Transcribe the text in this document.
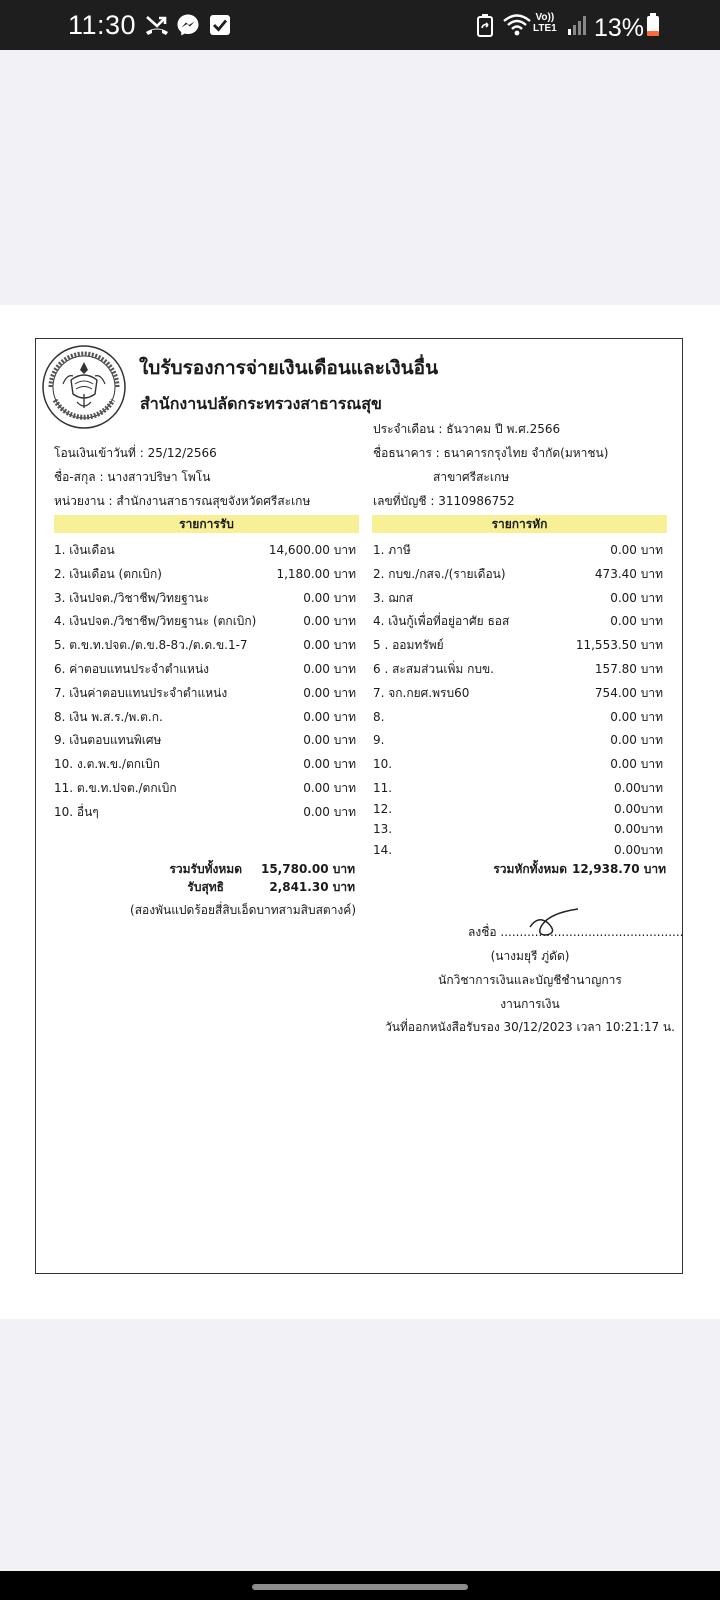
11:30	Vo))
LTE1 13%
ใบรับรองการจ่ายเงินเดือนและเงินอื่น
สำนักงานปลัดกระทรวงสาธารณสุข
ประจำเดือน : ธันวาคม ปี พ.ศ.2566
โอนเงินเข้าวันที่ : 25/12/2566	ชื่อธนาคาร : ธนาคารกรุงไทย จำกัด(มหาชน)
ชื่อ-สกุล : นางสาวปริษา โพโน	สาขาศรีสะเกษ
หน่วยงาน : สำนักงานสาธารณสุขจังหวัดศรีสะเกษ	เลขที่บัญชี : 3110986752
รายการรับ	รายการหัก
1. เงินเดือน	14,600.00 บาท
2. เงินเดือน (ตกเบิก)	1,180.00 บาท
3. เงินปจต./วิชาชีพ/วิทยฐานะ	0.00 บาท
4. เงินปจต./วิชาชีพ/วิทยฐานะ (ตกเบิก)	0.00 บาท
5. ต.ข.ท.ปจต./ต.ข.8-8ว./ต.ด.ข.1-7	0.00 บาท
6. ค่าตอบแทนประจำตำแหน่ง	0.00 บาท
7. เงินค่าตอบแทนประจำตำแหน่ง	0.00 บาท
8. เงิน พ.ส.ร./พ.ต.ก.	0.00 บาท
9. เงินตอบแทนพิเศษ	0.00 บาท
10. ง.ต.พ.ข./ตกเบิก	0.00 บาท
11. ต.ข.ท.ปจต./ตกเบิก	0.00 บาท
10. อื่นๆ	0.00 บาท
1. ภาษี	0.00 บาท
2. กบข./กสจ./(รายเดือน)	473.40 บาท
3. ฌกส	0.00 บาท
4. เงินกู้เพื่อที่อยู่อาศัย ธอส	0.00 บาท
5 . ออมทรัพย์	11,553.50 บาท
6 . สะสมส่วนเพิ่ม กบข.	157.80 บาท
7. จก.กยศ.พรบ60	754.00 บาท
8.	0.00 บาท
9.	0.00 บาท
10.	0.00 บาท
11.	0.00บาท
12.	0.00บาท
13.	0.00บาท
14.	0.00บาท
รวมรับทั้งหมด 15,780.00 บาท
รับสุทธิ	2,841.30 บาท
(สองพันแปดร้อยสี่สิบเอ็ดบาทสามสิบสตางค์)
รวมหักทั้งหมด 12,938.70 บาท
ลงชื่อ ................................................
(นางมยุรี ภู่ดัด)
นักวิชาการเงินและบัญชีชำนาญการ
งานการเงิน
วันที่ออกหนังสือรับรอง 30/12/2023 เวลา 10:21:17 น.
